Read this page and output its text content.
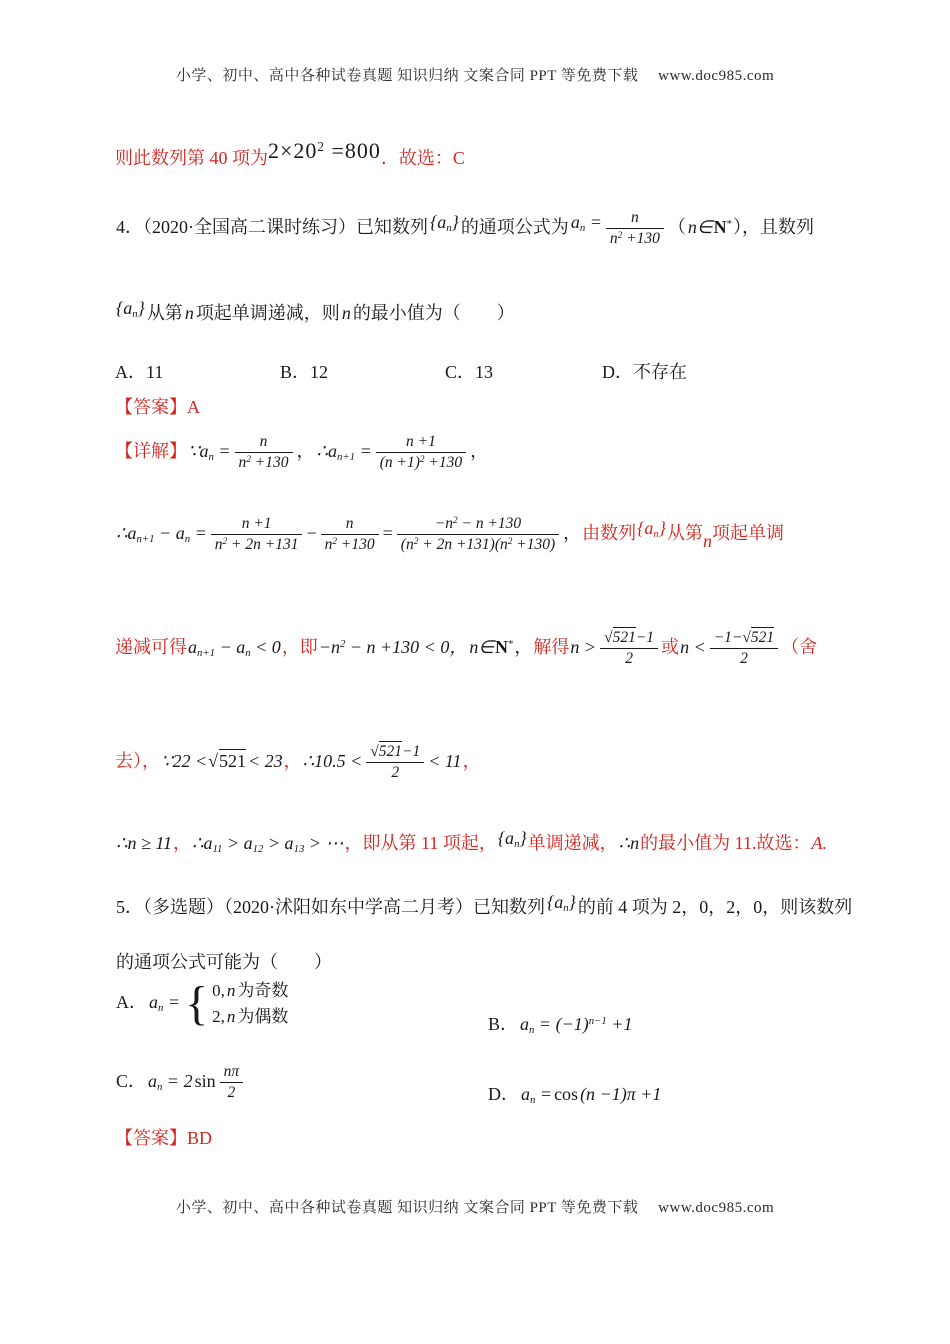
小学、初中、高中各种试卷真题 知识归纳 文案合同 PPT 等免费下载　 www.doc985.com
则此数列第 40 项为$2\times 20^2 =800$．故选：C
4．（2020·全国高二课时练习）已知数列 $\{a_n\}$ 的通项公式为 $a_n = \frac{n}{n^2 +130}$ （ n∈N*），且数列
$\{a_n\}$ 从第 n 项起单调递减，则 n 的最小值为（　　）
A．11	B．12	C．13	D．不存在
【答案】A
【详解】$\because a_n = \frac{n}{n^2 +130}$ ， $\therefore a_{n+1} = \frac{n +1}{(n +1)^2 +130}$ ，
$\therefore a_{n+1} - a_n = \frac{n +1}{n^2 + 2n +131} - \frac{n}{n^2 +130} = \frac{-n^2 - n +130}{(n^2 + 2n +131)(n^2 +130)}$ ，由数列$\{a_n\}$从第n项起单调
递减可得$a_{n+1} - a_n < 0$，即$-n^2 - n +130 < 0$， n∈N*，解得$n > \frac{√521-1}{2}$ 或$n < \frac{-1-√521}{2}$ （舍
去），∵22 <√521 < 23，∴10.5 < $\frac{√521-1}{2} < 11$，
∴n ≥ 11，$\therefore a_{11} > a_{12} > a_{13}$ > ⋯，即从第 11 项起，$\{a_n\}$单调递减，∴n的最小值为 11.故选：A.
5．（多选题）（2020·沭阳如东中学高二月考）已知数列 $\{a_n\}$ 的前 4 项为 2，0，2，0，则该数列
的通项公式可能为（　　）
A． $a_n$ = { 0, n 为奇数
2, n 为偶数	B． $a_n = (-1)^{n-1} +1$
C． $a_n = 2$ $\sin \frac{n\pi}{2}$	D． $a_n = \cos (n -1)\pi +1$
【答案】BD
小学、初中、高中各种试卷真题 知识归纳 文案合同 PPT 等免费下载　 www.doc985.com
